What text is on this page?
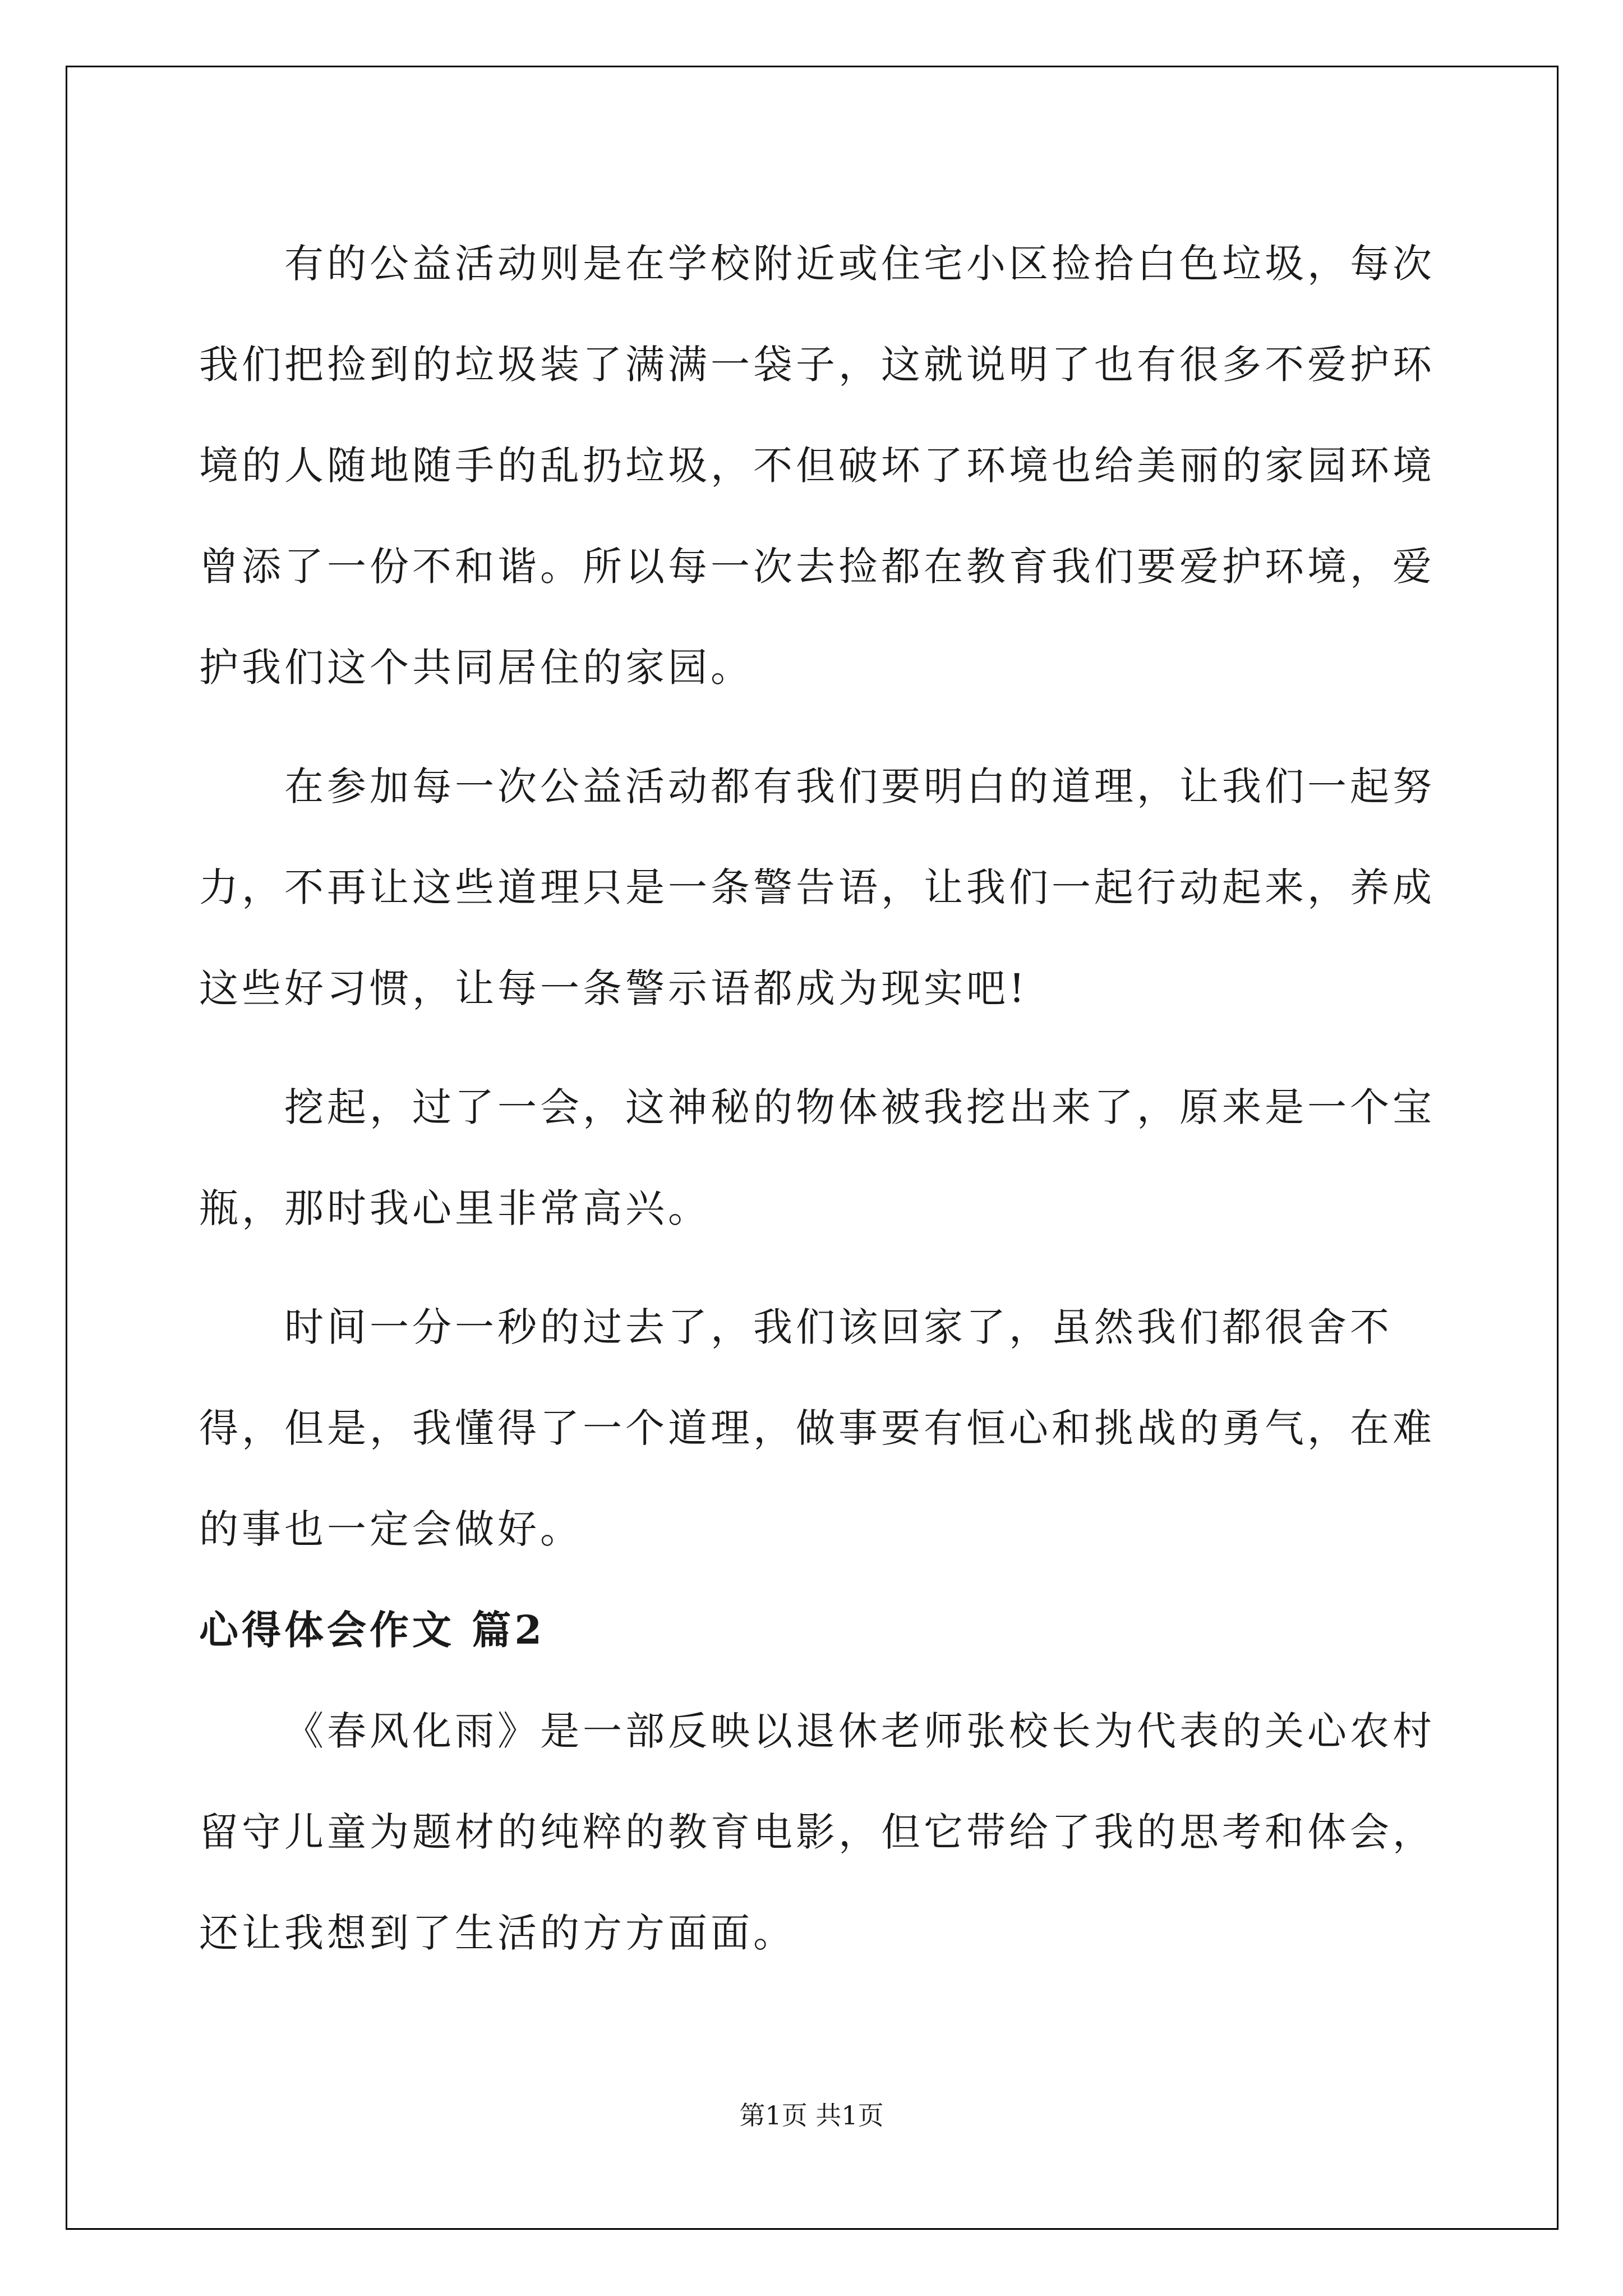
有的公益活动则是在学校附近或住宅小区捡拾白色垃圾，每次我们把捡到的垃圾装了满满一袋子，这就说明了也有很多不爱护环境的人随地随手的乱扔垃圾，不但破坏了环境也给美丽的家园环境曾添了一份不和谐。所以每一次去捡都在教育我们要爱护环境，爱护我们这个共同居住的家园。

在参加每一次公益活动都有我们要明白的道理，让我们一起努力，不再让这些道理只是一条警告语，让我们一起行动起来，养成这些好习惯，让每一条警示语都成为现实吧!

挖起，过了一会，这神秘的物体被我挖出来了，原来是一个宝瓶，那时我心里非常高兴。

时间一分一秒的过去了，我们该回家了，虽然我们都很舍不得，但是，我懂得了一个道理，做事要有恒心和挑战的勇气，在难的事也一定会做好。

心得体会作文 篇2

《春风化雨》是一部反映以退休老师张校长为代表的关心农村留守儿童为题材的纯粹的教育电影，但它带给了我的思考和体会，还让我想到了生活的方方面面。

第1页 共1页
